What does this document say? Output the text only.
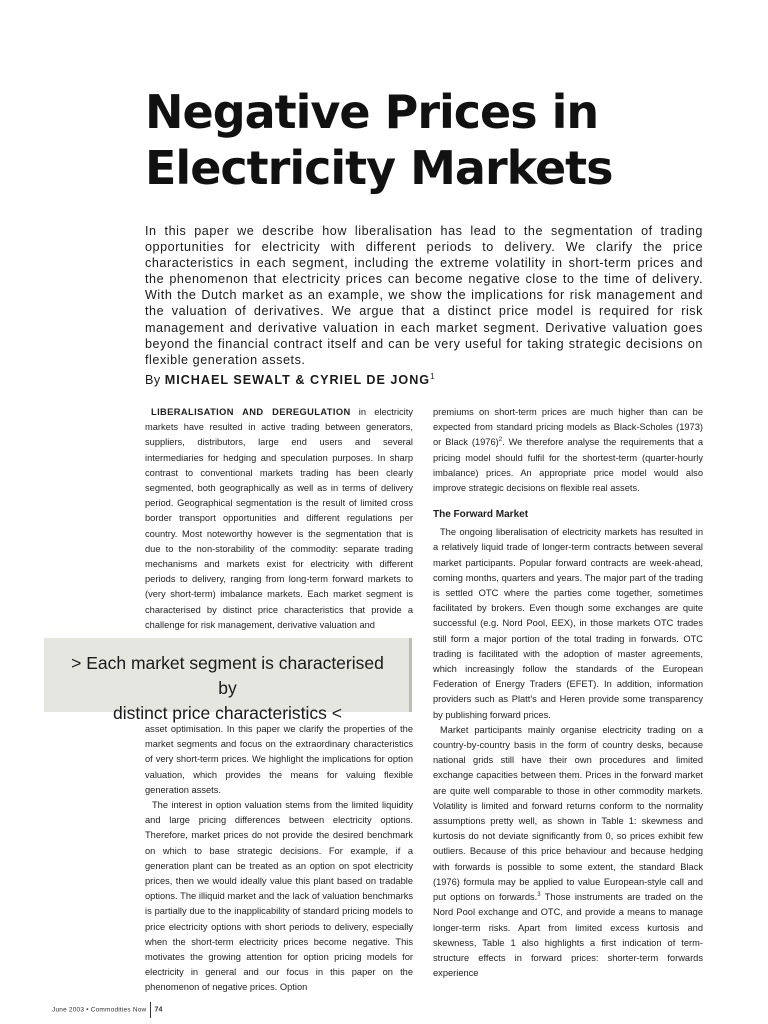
Negative Prices in
Electricity Markets

In this paper we describe how liberalisation has lead to the segmentation of trading opportunities for electricity with different periods to delivery. We clarify the price characteristics in each segment, including the extreme volatility in short-term prices and the phenomenon that electricity prices can become negative close to the time of delivery. With the Dutch market as an example, we show the implications for risk management and the valuation of derivatives. We argue that a distinct price model is required for risk management and derivative valuation in each market segment. Derivative valuation goes beyond the financial contract itself and can be very useful for taking strategic decisions on flexible generation assets.

By MICHAEL SEWALT & CYRIEL DE JONG$^1$

LIBERALISATION AND DEREGULATION in electricity markets have resulted in active trading between generators, suppliers, distributors, large end users and several intermediaries for hedging and speculation purposes. In sharp contrast to conventional markets trading has been clearly segmented, both geographically as well as in terms of delivery period. Geographical segmentation is the result of limited cross border transport opportunities and different regulations per country. Most noteworthy however is the segmentation that is due to the non-storability of the commodity: separate trading mechanisms and markets exist for electricity with different periods to delivery, ranging from long-term forward markets to (very short-term) imbalance markets. Each market segment is characterised by distinct price characteristics that provide a challenge for risk management, derivative valuation and

> Each market segment is characterised by
distinct price characteristics <

asset optimisation. In this paper we clarify the properties of the market segments and focus on the extraordinary characteristics of very short-term prices. We highlight the implications for option valuation, which provides the means for valuing flexible generation assets.

The interest in option valuation stems from the limited liquidity and large pricing differences between electricity options. Therefore, market prices do not provide the desired benchmark on which to base strategic decisions. For example, if a generation plant can be treated as an option on spot electricity prices, then we would ideally value this plant based on tradable options. The illiquid market and the lack of valuation benchmarks is partially due to the inapplicability of standard pricing models to price electricity options with short periods to delivery, especially when the short-term electricity prices become negative. This motivates the growing attention for option pricing models for electricity in general and our focus in this paper on the phenomenon of negative prices. Option

premiums on short-term prices are much higher than can be expected from standard pricing models as Black-Scholes (1973) or Black $(1976)^2$. We therefore analyse the requirements that a pricing model should fulfil for the shortest-term (quarter-hourly imbalance) prices. An appropriate price model would also improve strategic decisions on flexible real assets.

The Forward Market

The ongoing liberalisation of electricity markets has resulted in a relatively liquid trade of longer-term contracts between several market participants. Popular forward contracts are week-ahead, coming months, quarters and years. The major part of the trading is settled OTC where the parties come together, sometimes facilitated by brokers. Even though some exchanges are quite successful (e.g. Nord Pool, EEX), in those markets OTC trades still form a major portion of the total trading in forwards. OTC trading is facilitated with the adoption of master agreements, which increasingly follow the standards of the European Federation of Energy Traders (EFET). In addition, information providers such as Platt's and Heren provide some transparency by publishing forward prices.

Market participants mainly organise electricity trading on a country-by-country basis in the form of country desks, because national grids still have their own procedures and limited exchange capacities between them. Prices in the forward market are quite well comparable to those in other commodity markets. Volatility is limited and forward returns conform to the normality assumptions pretty well, as shown in Table 1: skewness and kurtosis do not deviate significantly from 0, so prices exhibit few outliers. Because of this price behaviour and because hedging with forwards is possible to some extent, the standard Black (1976) formula may be applied to value European-style call and put options on forwards.$^3$ Those instruments are traded on the Nord Pool exchange and OTC, and provide a means to manage longer-term risks. Apart from limited excess kurtosis and skewness, Table 1 also highlights a first indication of term-structure effects in forward prices: shorter-term forwards experience

June 2003 • Commodities Now 74
